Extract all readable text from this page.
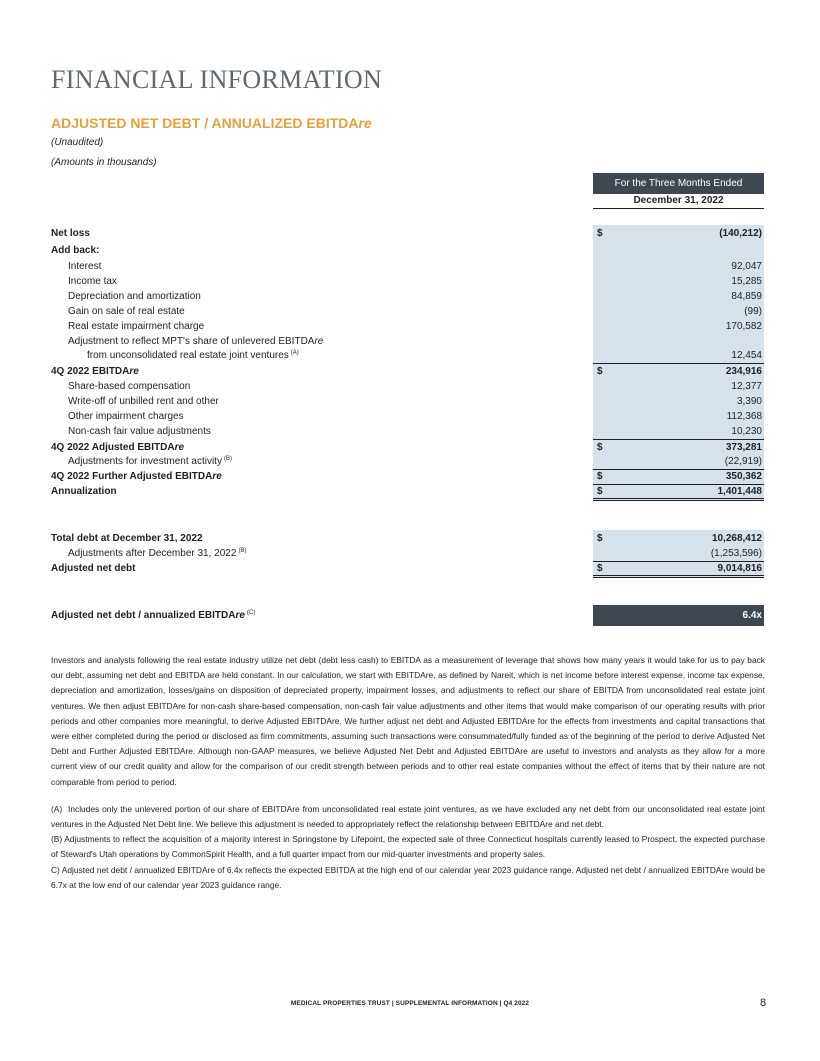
FINANCIAL INFORMATION
ADJUSTED NET DEBT / ANNUALIZED EBITDAre
(Unaudited)
(Amounts in thousands)
For the Three Months Ended
December 31, 2022
Net loss	$	(140,212)
Add back:
Interest	92,047
Income tax	15,285
Depreciation and amortization	84,859
Gain on sale of real estate	(99)
Real estate impairment charge	170,582
Adjustment to reflect MPT's share of unlevered EBITDAre
from unconsolidated real estate joint ventures $^{(A)}$	12,454
4Q 2022 EBITDAre	$	234,916
Share-based compensation	12,377
Write-off of unbilled rent and other	3,390
Other impairment charges	112,368
Non-cash fair value adjustments	10,230
4Q 2022 Adjusted EBITDAre	$	373,281
Adjustments for investment activity $^{(B)}$	(22,919)
4Q 2022 Further Adjusted EBITDAre	$	350,362
Annualization	$	1,401,448
Total debt at December 31, 2022	$	10,268,412
Adjustments after December 31, 2022 $^{(B)}$	(1,253,596)
Adjusted net debt	$	9,014,816
Adjusted net debt / annualized EBITDAre $^{(C)}$	6.4x

Investors and analysts following the real estate industry utilize net debt (debt less cash) to EBITDA as a measurement of leverage that shows how many years it would take for us to pay back our debt, assuming net debt and EBITDA are held constant. In our calculation, we start with EBITDAre, as defined by Nareit, which is net income before interest expense, income tax expense, depreciation and amortization, losses/gains on disposition of depreciated property, impairment losses, and adjustments to reflect our share of EBITDA from unconsolidated real estate joint ventures. We then adjust EBITDAre for non-cash share-based compensation, non-cash fair value adjustments and other items that would make comparison of our operating results with prior periods and other companies more meaningful, to derive Adjusted EBITDAre. We further adjust net debt and Adjusted EBITDAre for the effects from investments and capital transactions that were either completed during the period or disclosed as firm commitments, assuming such transactions were consummated/fully funded as of the beginning of the period to derive Adjusted Net Debt and Further Adjusted EBITDAre. Although non-GAAP measures, we believe Adjusted Net Debt and Adjusted EBITDAre are useful to investors and analysts as they allow for a more current view of our credit quality and allow for the comparison of our credit strength between periods and to other real estate companies without the effect of items that by their nature are not comparable from period to period.

(A)  Includes only the unlevered portion of our share of EBITDAre from unconsolidated real estate joint ventures, as we have excluded any net debt from our unconsolidated real estate joint ventures in the Adjusted Net Debt line. We believe this adjustment is needed to appropriately reflect the relationship between EBITDAre and net debt.

(B) Adjustments to reflect the acquisition of a majority interest in Springstone by Lifepoint, the expected sale of three Connecticut hospitals currently leased to Prospect, the expected purchase of Steward's Utah operations by CommonSpirit Health, and a full quarter impact from our mid-quarter investments and property sales.

C) Adjusted net debt / annualized EBITDAre of 6.4x reflects the expected EBITDA at the high end of our calendar year 2023 guidance range. Adjusted net debt / annualized EBITDAre would be 6.7x at the low end of our calendar year 2023 guidance range.

MEDICAL PROPERTIES TRUST | SUPPLEMENTAL INFORMATION | Q4 2022	8
